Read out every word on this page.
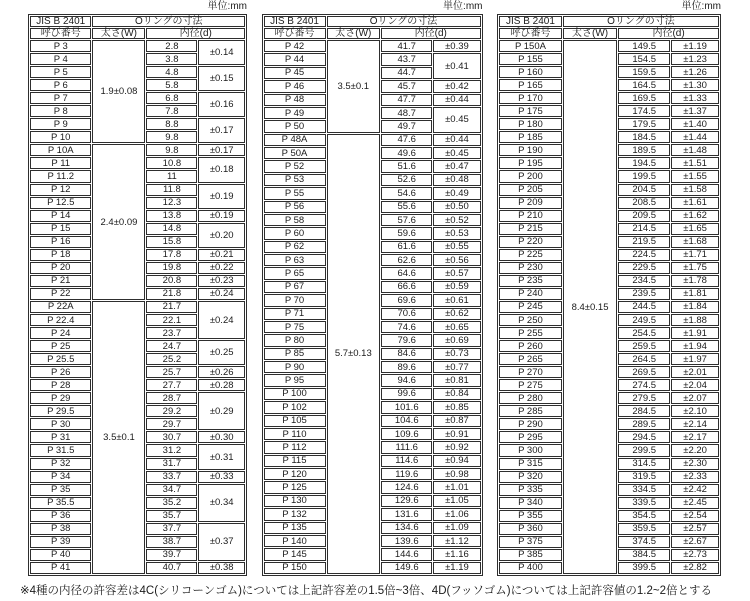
単位:mm
JIS B 2401	Oリングの寸法		
呼び番号	太さ(W)	内径(d)	
P 3	1.9±0.08	2.8	±0.14
P 4		3.8	
P 5		4.8	±0.15
P 6		5.8	
P 7		6.8	±0.16
P 8		7.8	
P 9		8.8	±0.17
P 10		9.8	
P 10A	2.4±0.09	9.8	±0.17
P 11		10.8	±0.18
P 11.2		11	
P 12		11.8	±0.19
P 12.5		12.3	
P 14		13.8	±0.19
P 15		14.8	±0.20
P 16		15.8	
P 18		17.8	±0.21
P 20		19.8	±0.22
P 21		20.8	±0.23
P 22		21.8	±0.24
P 22A	3.5±0.1	21.7	±0.24
P 22.4		22.1	
P 24		23.7	
P 25		24.7	±0.25
P 25.5		25.2	
P 26		25.7	±0.26
P 28		27.7	±0.28
P 29		28.7	±0.29
P 29.5		29.2	
P 30		29.7	
P 31		30.7	±0.30
P 31.5		31.2	±0.31
P 32		31.7	
P 34		33.7	±0.33
P 35		34.7	±0.34
P 35.5		35.2	
P 36		35.7	
P 38		37.7	±0.37
P 39		38.7	
P 40		39.7	
P 41		40.7	±0.38
単位:mm
JIS B 2401	Oリングの寸法		
呼び番号	太さ(W)	内径(d)	
P 42	3.5±0.1	41.7	±0.39
P 44		43.7	±0.41
P 45		44.7	
P 46		45.7	±0.42
P 48		47.7	±0.44
P 49		48.7	±0.45
P 50		49.7	
P 48A	5.7±0.13	47.6	±0.44
P 50A		49.6	±0.45
P 52		51.6	±0.47
P 53		52.6	±0.48
P 55		54.6	±0.49
P 56		55.6	±0.50
P 58		57.6	±0.52
P 60		59.6	±0.53
P 62		61.6	±0.55
P 63		62.6	±0.56
P 65		64.6	±0.57
P 67		66.6	±0.59
P 70		69.6	±0.61
P 71		70.6	±0.62
P 75		74.6	±0.65
P 80		79.6	±0.69
P 85		84.6	±0.73
P 90		89.6	±0.77
P 95		94.6	±0.81
P 100		99.6	±0.84
P 102		101.6	±0.85
P 105		104.6	±0.87
P 110		109.6	±0.91
P 112		111.6	±0.92
P 115		114.6	±0.94
P 120		119.6	±0.98
P 125		124.6	±1.01
P 130		129.6	±1.05
P 132		131.6	±1.06
P 135		134.6	±1.09
P 140		139.6	±1.12
P 145		144.6	±1.16
P 150		149.6	±1.19
単位:mm
JIS B 2401	Oリングの寸法		
呼び番号	太さ(W)	内径(d)	
P 150A	8.4±0.15	149.5	±1.19
P 155		154.5	±1.23
P 160		159.5	±1.26
P 165		164.5	±1.30
P 170		169.5	±1.33
P 175		174.5	±1.37
P 180		179.5	±1.40
P 185		184.5	±1.44
P 190		189.5	±1.48
P 195		194.5	±1.51
P 200		199.5	±1.55
P 205		204.5	±1.58
P 209		208.5	±1.61
P 210		209.5	±1.62
P 215		214.5	±1.65
P 220		219.5	±1.68
P 225		224.5	±1.71
P 230		229.5	±1.75
P 235		234.5	±1.78
P 240		239.5	±1.81
P 245		244.5	±1.84
P 250		249.5	±1.88
P 255		254.5	±1.91
P 260		259.5	±1.94
P 265		264.5	±1.97
P 270		269.5	±2.01
P 275		274.5	±2.04
P 280		279.5	±2.07
P 285		284.5	±2.10
P 290		289.5	±2.14
P 295		294.5	±2.17
P 300		299.5	±2.20
P 315		314.5	±2.30
P 320		319.5	±2.33
P 335		334.5	±2.42
P 340		339.5	±2.45
P 355		354.5	±2.54
P 360		359.5	±2.57
P 375		374.5	±2.67
P 385		384.5	±2.73
P 400		399.5	±2.82
※4種の内径の許容差は4C(シリコーンゴム)については上記許容差の1.5倍~3倍、4D(フッソゴム)については上記許容値の1.2~2倍とする
